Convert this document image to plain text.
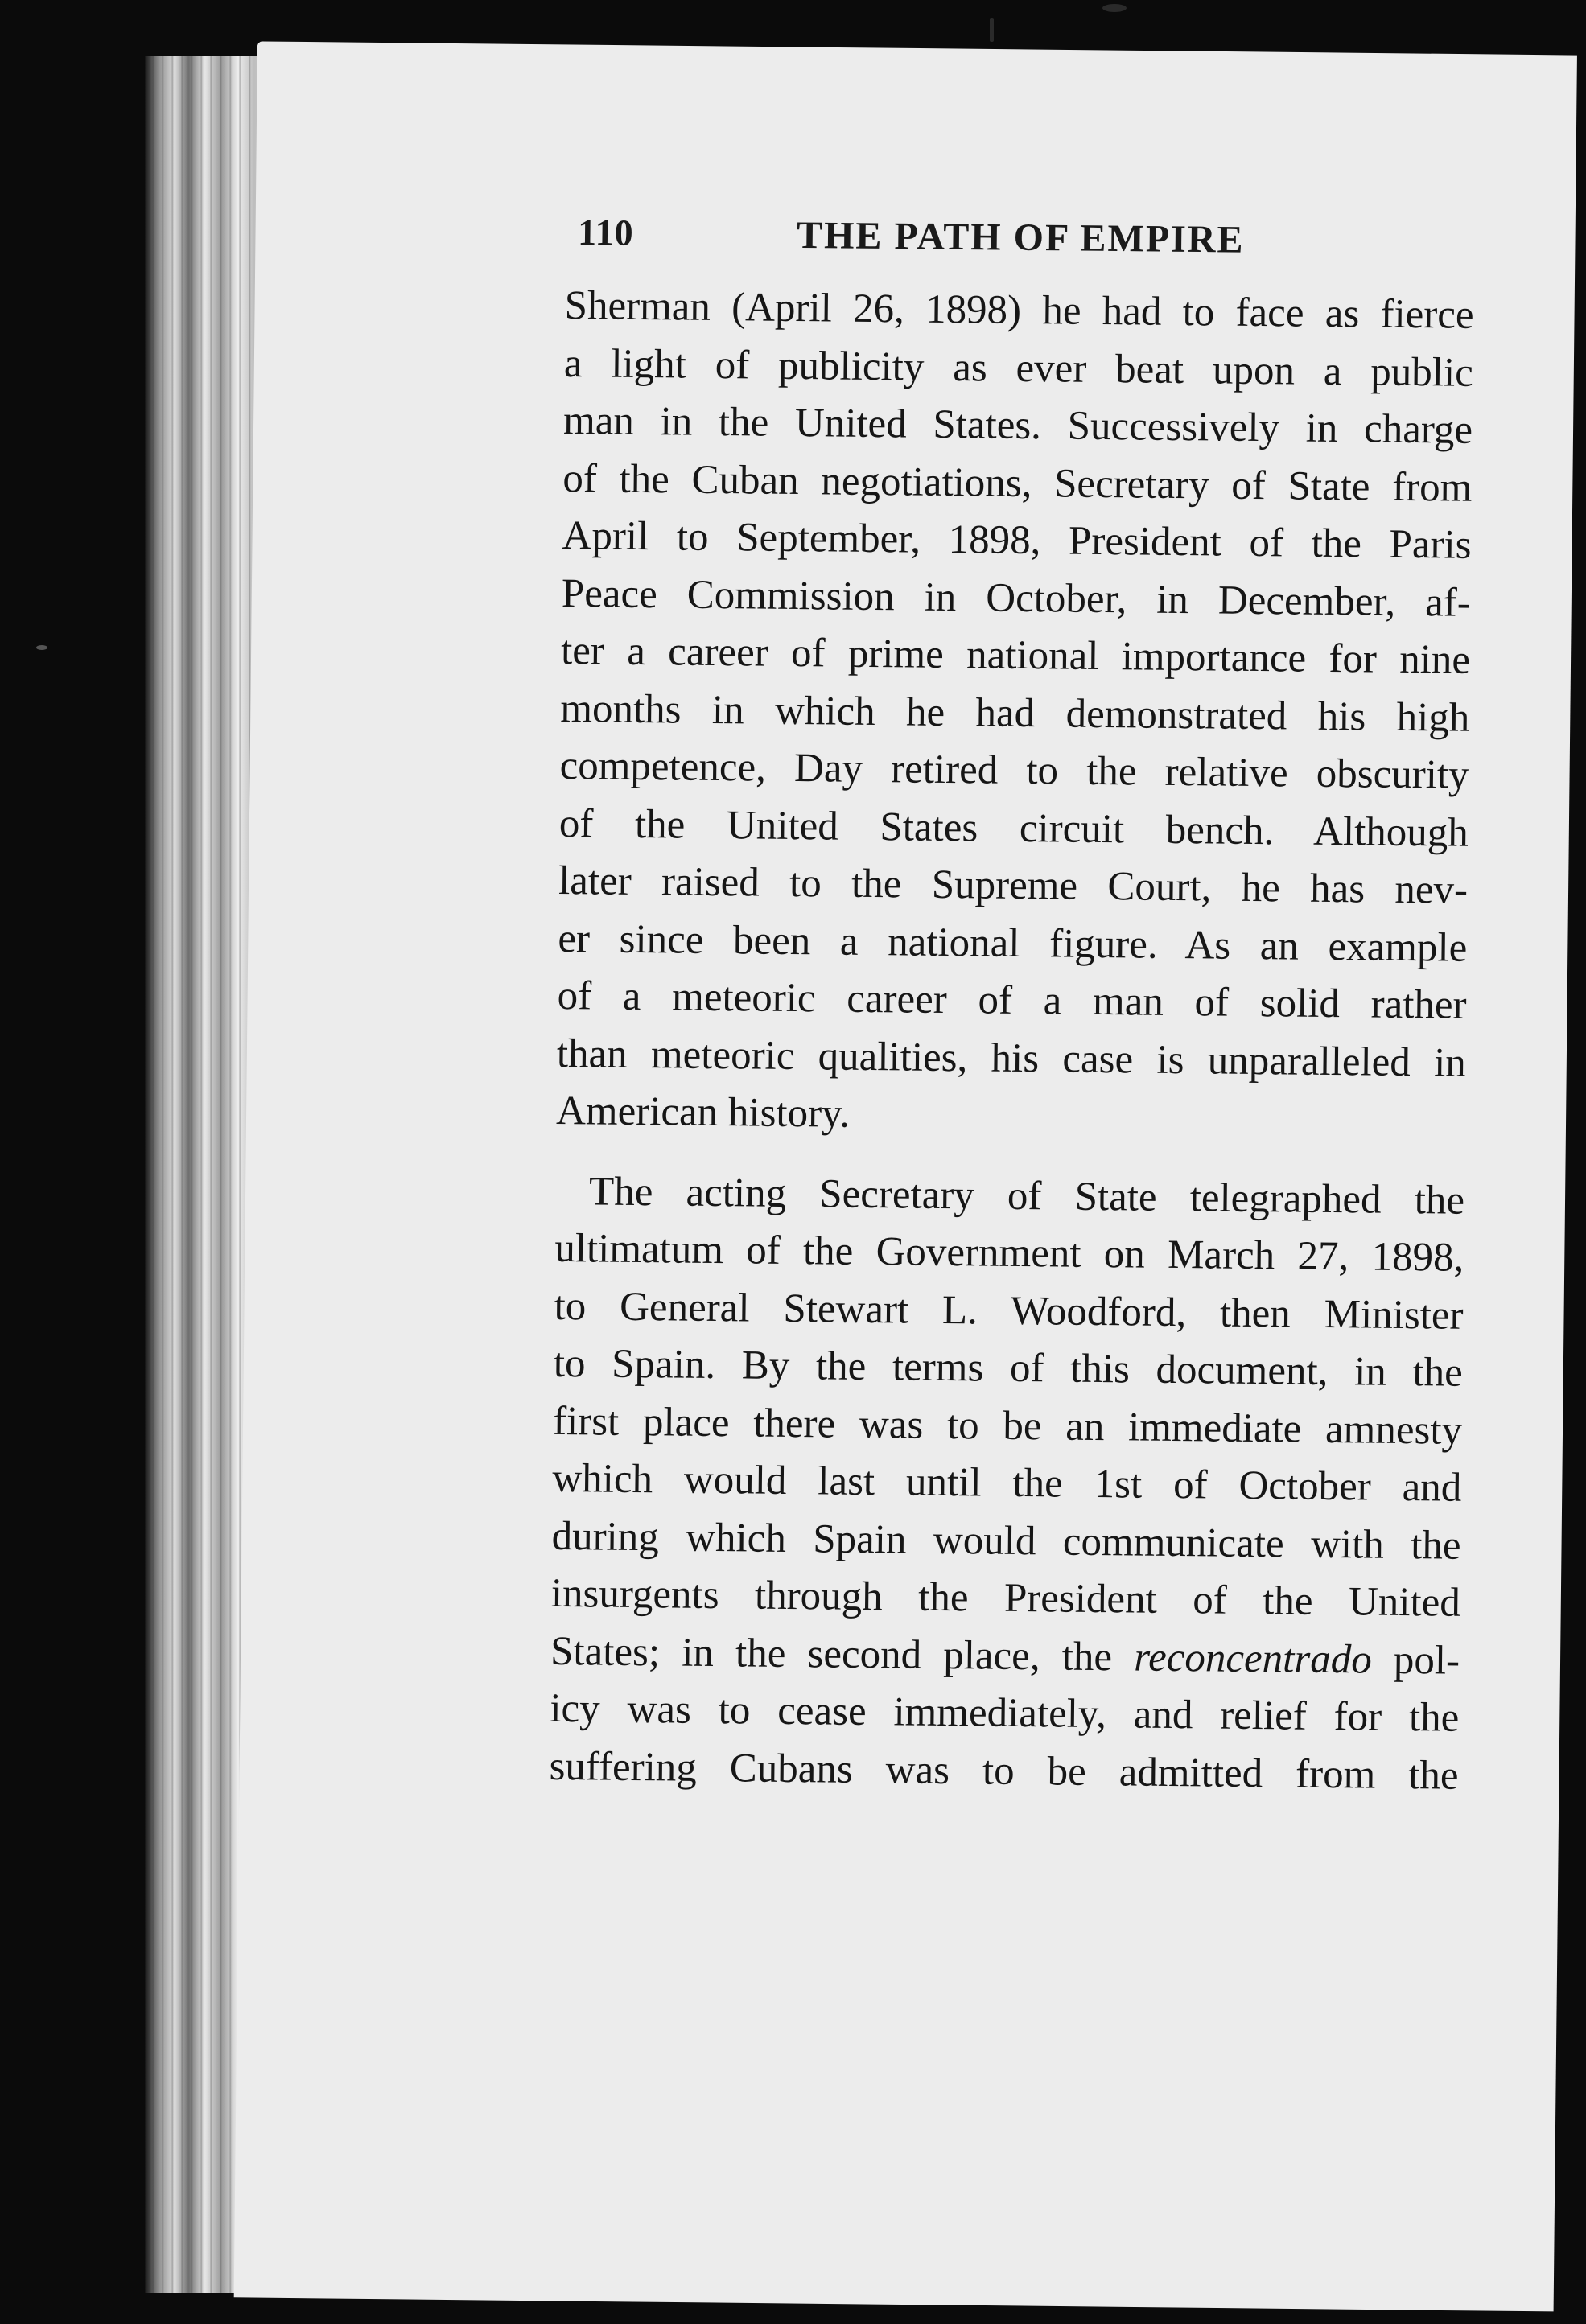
110	THE PATH OF EMPIRE
Sherman (April 26, 1898) he had to face as fierce
a light of publicity as ever beat upon a public
man in the United States. Successively in charge
of the Cuban negotiations, Secretary of State from
April to September, 1898, President of the Paris
Peace Commission in October, in December, af-
ter a career of prime national importance for nine
months in which he had demonstrated his high
competence, Day retired to the relative obscurity
of the United States circuit bench. Although
later raised to the Supreme Court, he has nev-
er since been a national figure. As an example
of a meteoric career of a man of solid rather
than meteoric qualities, his case is unparalleled in
American history.
The acting Secretary of State telegraphed the
ultimatum of the Government on March 27, 1898,
to General Stewart L. Woodford, then Minister
to Spain. By the terms of this document, in the
first place there was to be an immediate amnesty
which would last until the 1st of October and
during which Spain would communicate with the
insurgents through the President of the United
States; in the second place, the reconcentrado pol-
icy was to cease immediately, and relief for the
suffering Cubans was to be admitted from the
